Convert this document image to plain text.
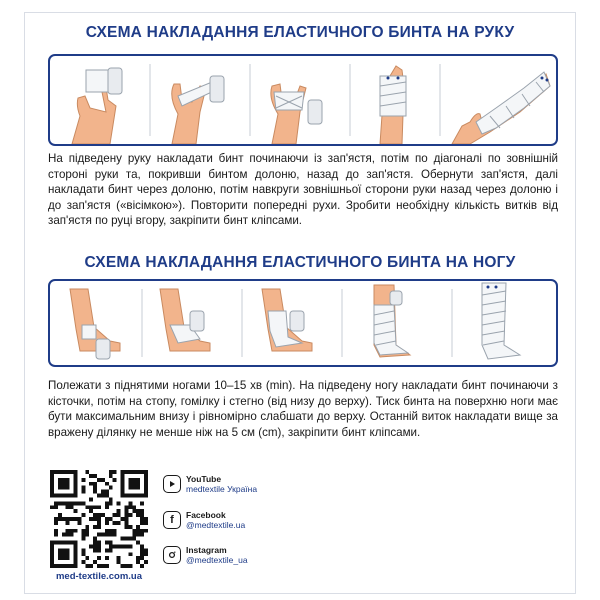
СХЕМА НАКЛАДАННЯ ЕЛАСТИЧНОГО БИНТА НА РУКУ
На підведену руку накладати бинт починаючи із зап'ястя, потім по діагоналі по зовнішній стороні руки та, покривши бинтом долоню, назад до зап'ястя. Обернути зап'ястя, далі накладати бинт через долоню, потім навкруги зовнішньої сторони руки назад через долоню і до зап'ястя («вісімкою»). Повторити попередні рухи. Зробити необхідну кількість витків від зап'ястя по руці вгору, закріпити бинт кліпсами.
СХЕМА НАКЛАДАННЯ ЕЛАСТИЧНОГО БИНТА НА НОГУ
Полежати з піднятими ногами 10–15 хв (min). На підведену ногу накладати бинт починаючи з кісточки, потім на стопу, гомілку і стегно (від низу до верху). Тиск бинта на поверхню ноги має бути максимальним внизу і рівномірно слабшати до верху. Останній виток накладати вище за вражену ділянку не менше ніж на 5 см (cm), закріпити бинт кліпсами.
med-textile.com.ua
YouTube
medtextile Україна
f Facebook
@medtextile.ua
Instagram
@medtextile_ua
